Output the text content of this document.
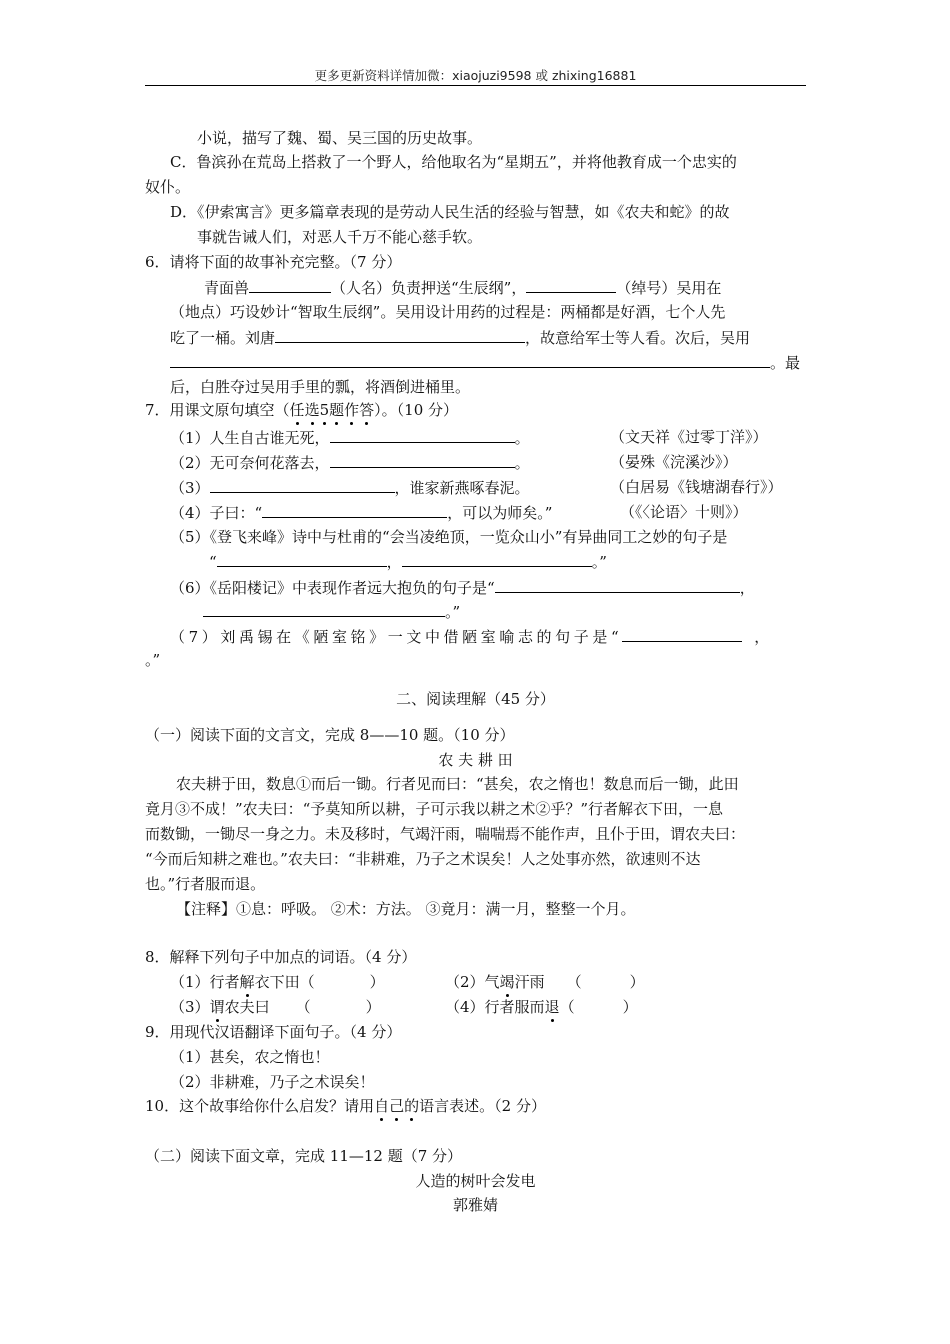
更多更新资料详情加微：xiaojuzi9598 或 zhixing16881
小说，描写了魏、蜀、吴三国的历史故事。
C．鲁滨孙在荒岛上搭救了一个野人，给他取名为“星期五”，并将他教育成一个忠实的
奴仆。
D．《伊索寓言》更多篇章表现的是劳动人民生活的经验与智慧，如《农夫和蛇》的故
事就告诫人们，对恶人千万不能心慈手软。
6．请将下面的故事补充完整。（7 分）
青面兽	（人名）负责押送“生辰纲”，	（绰号）吴用在
（地点）巧设妙计“智取生辰纲”。吴用设计用药的过程是：两桶都是好酒，七个人先
吃了一桶。刘唐	，故意给军士等人看。次后，吴用
。最
后，白胜夺过吴用手里的瓢，将酒倒进桶里。
7．用课文原句填空（任选5题作答）。（10 分）
（1）人生自古谁无死，	。	（文天祥《过零丁洋》）
（2）无可奈何花落去，	。	（晏殊《浣溪沙》）
（3）	，谁家新燕啄春泥。	（白居易《钱塘湖春行》）
（4）子曰：“	，可以为师矣。”	（《〈论语〉十则》）
（5）《登飞来峰》诗中与杜甫的“会当凌绝顶，一览众山小”有异曲同工之妙的句子是
“	，	。”
（6）《岳阳楼记》中表现作者远大抱负的句子是“	，
。”
（7）刘禹锡在《陋室铭》一文中借陋室喻志的句子是“	，
。”
二、阅读理解（45 分）
（一）阅读下面的文言文，完成 8——10 题。（10 分）
农 夫 耕 田
农夫耕于田，数息①而后一锄。行者见而曰：“甚矣，农之惰也！数息而后一锄，此田
竟月③不成！”农夫曰：“予莫知所以耕，子可示我以耕之术②乎？”行者解衣下田，一息
而数锄，一锄尽一身之力。未及移时，气竭汗雨，喘喘焉不能作声，且仆于田，谓农夫曰：
“今而后知耕之难也。”农夫曰：“非耕难，乃子之术误矣！人之处事亦然，欲速则不达
也。”行者服而退。
【注释】①息：呼吸。 ②术：方法。 ③竟月：满一月，整整一个月。
8．解释下列句子中加点的词语。（4 分）
（1）行者解衣下田（	）	（2）气竭汗雨 （	）
（3）谓农夫曰 （	）	（4）行者服而退（	）
9．用现代汉语翻译下面句子。（4 分）
（1）甚矣，农之惰也！
（2）非耕难，乃子之术误矣！
10．这个故事给你什么启发？请用自己的语言表述。（2 分）
（二）阅读下面文章，完成 11—12 题（7 分）
人造的树叶会发电
郭雅婧
